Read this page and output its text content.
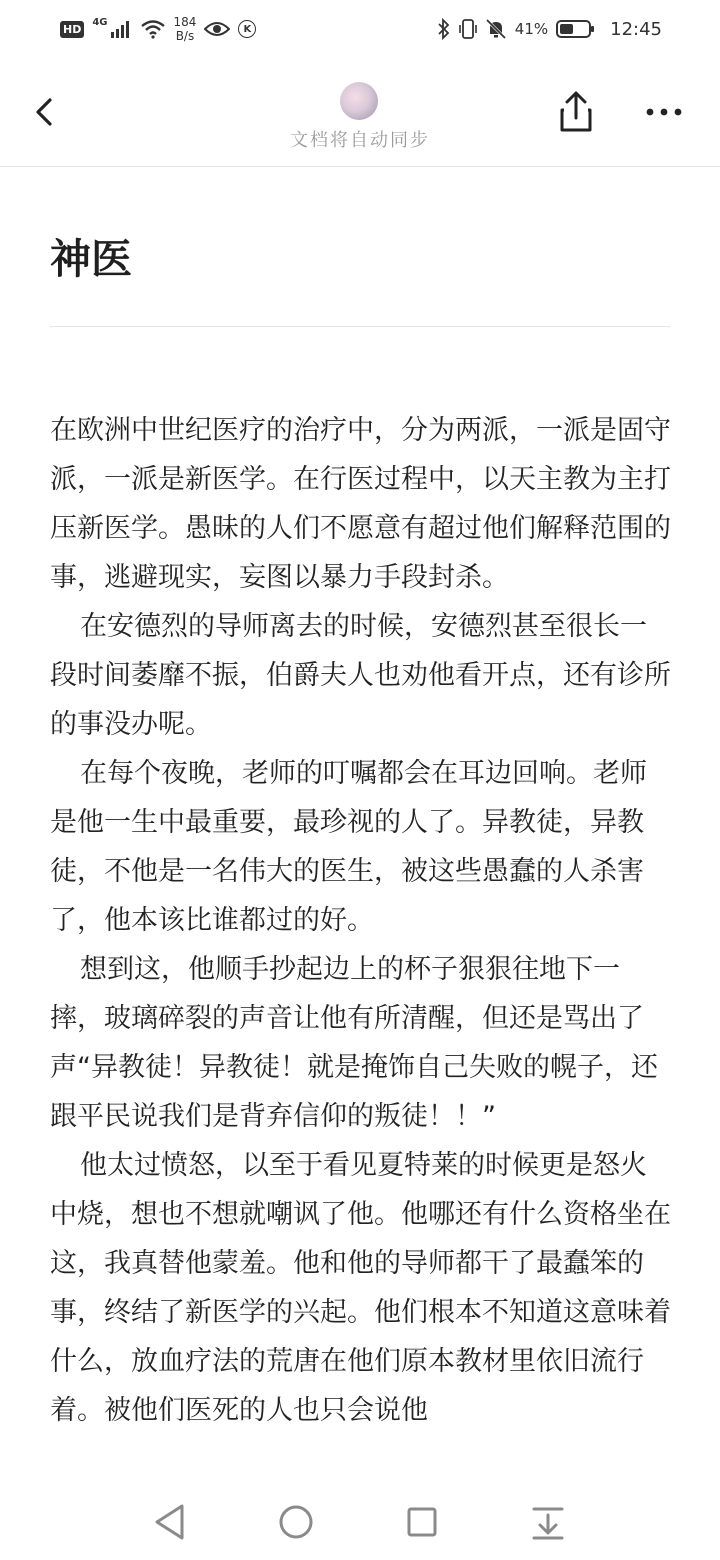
HD
4G	184
B/s	K	41%	12:45
文档将自动同步
神医

在欧洲中世纪医疗的治疗中，分为两派，一派是固守派，一派是新医学。在行医过程中，以天主教为主打压新医学。愚昧的人们不愿意有超过他们解释范围的事，逃避现实，妄图以暴力手段封杀。

在安德烈的导师离去的时候，安德烈甚至很长一段时间萎靡不振，伯爵夫人也劝他看开点，还有诊所的事没办呢。

在每个夜晚，老师的叮嘱都会在耳边回响。老师是他一生中最重要，最珍视的人了。异教徒，异教徒，不他是一名伟大的医生，被这些愚蠢的人杀害了，他本该比谁都过的好。

想到这，他顺手抄起边上的杯子狠狠往地下一摔，玻璃碎裂的声音让他有所清醒，但还是骂出了声“异教徒！异教徒！就是掩饰自己失败的幌子，还跟平民说我们是背弃信仰的叛徒！！”

他太过愤怒，以至于看见夏特莱的时候更是怒火中烧，想也不想就嘲讽了他。他哪还有什么资格坐在这，我真替他蒙羞。他和他的导师都干了最蠢笨的事，终结了新医学的兴起。他们根本不知道这意味着什么，放血疗法的荒唐在他们原本教材里依旧流行着。被他们医死的人也只会说他
